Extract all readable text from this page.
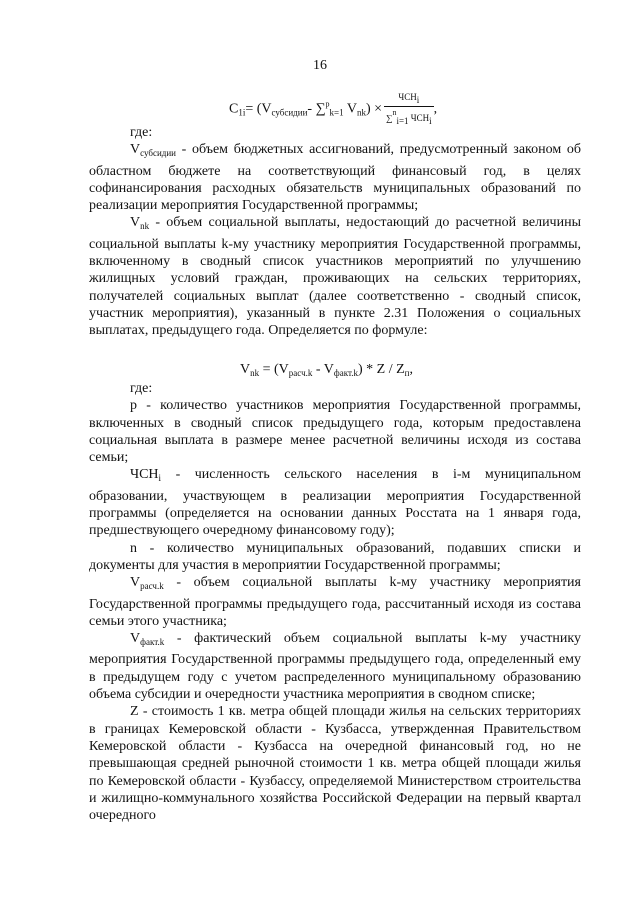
16
$C_{1i}= (V_{субсидии}-$ ∑$^p_{k=1}$ $V_{nk}) \times \frac{\text{ЧСНi}}{\text{∑ni=1 ЧСНi}}$ ,

где:

$V_{субсидии}$ - объем бюджетных ассигнований, предусмотренный законом об областном бюджете на соответствующий финансовый год, в целях софинансирования расходных обязательств муниципальных образований по реализации мероприятия Государственной программы;

$V_{nk}$ - объем социальной выплаты, недостающий до расчетной величины социальной выплаты k-му участнику мероприятия Государственной программы, включенному в сводный список участников мероприятий по улучшению жилищных условий граждан, проживающих на сельских территориях, получателей социальных выплат (далее соответственно - сводный список, участник мероприятия), указанный в пункте 2.31 Положения о социальных выплатах, предыдущего года. Определяется по формуле:

$V_{nk} = (V_{расч.k} - V_{факт.k}) * Z / Z_п$,

где:

p - количество участников мероприятия Государственной программы, включенных в сводный список предыдущего года, которым предоставлена социальная выплата в размере менее расчетной величины исходя из состава семьи;

$ЧСН_i$ - численность сельского населения в i-м муниципальном образовании, участвующем в реализации мероприятия Государственной программы (определяется на основании данных Росстата на 1 января года, предшествующего очередному финансовому году);

n - количество муниципальных образований, подавших списки и документы для участия в мероприятии Государственной программы;

$V_{расч.k}$ - объем социальной выплаты k-му участнику мероприятия Государственной программы предыдущего года, рассчитанный исходя из состава семьи этого участника;

$V_{факт.k}$ - фактический объем социальной выплаты k-му участнику мероприятия Государственной программы предыдущего года, определенный ему в предыдущем году с учетом распределенного муниципальному образованию объема субсидии и очередности участника мероприятия в сводном списке;

Z - стоимость 1 кв. метра общей площади жилья на сельских территориях в границах Кемеровской области - Кузбасса, утвержденная Правительством Кемеровской области - Кузбасса на очередной финансовый год, но не превышающая средней рыночной стоимости 1 кв. метра общей площади жилья по Кемеровской области - Кузбассу, определяемой Министерством строительства и жилищно-коммунального хозяйства Российской Федерации на первый квартал очередного
